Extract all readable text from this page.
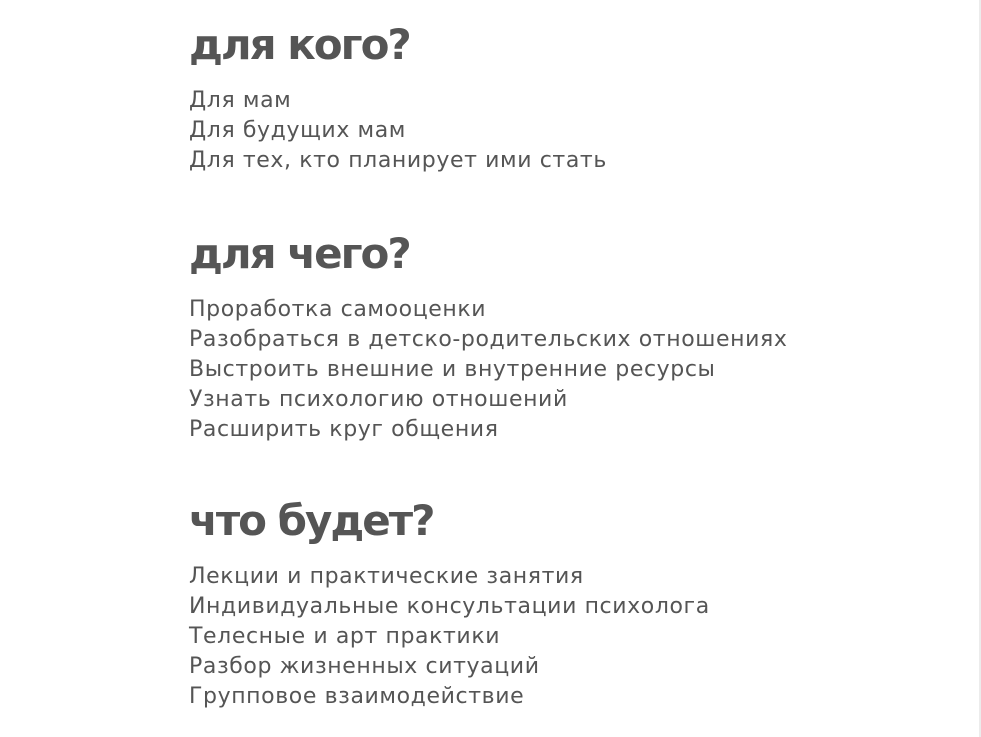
для кого?
Для мам
Для будущих мам
Для тех, кто планирует ими стать
для чего?
Проработка самооценки
Разобраться в детско-родительских отношениях
Выстроить внешние и внутренние ресурсы
Узнать психологию отношений
Расширить круг общения
что будет?
Лекции и практические занятия
Индивидуальные консультации психолога
Телесные и арт практики
Разбор жизненных ситуаций
Групповое взаимодействие
